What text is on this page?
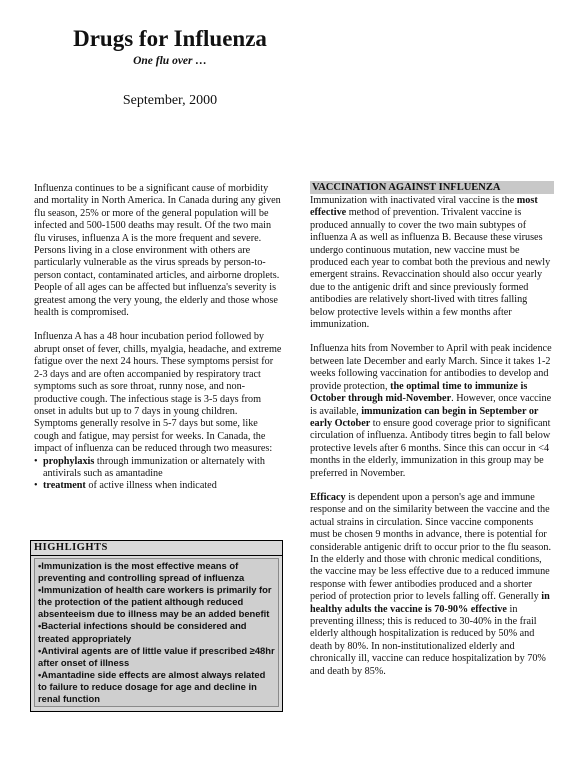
Drugs for Influenza
One flu over …
September, 2000

Influenza continues to be a significant cause of morbidity and mortality in North America. In Canada during any given flu season, 25% or more of the general population will be infected and 500-1500 deaths may result. Of the two main flu viruses, influenza A is the more frequent and severe. Persons living in a close environment with others are particularly vulnerable as the virus spreads by person-to-person contact, contaminated articles, and airborne droplets. People of all ages can be affected but influenza's severity is greatest among the very young, the elderly and those whose health is compromised.

Influenza A has a 48 hour incubation period followed by abrupt onset of fever, chills, myalgia, headache, and extreme fatigue over the next 24 hours. These symptoms persist for 2-3 days and are often accompanied by respiratory tract symptoms such as sore throat, runny nose, and non-productive cough. The infectious stage is 3-5 days from onset in adults but up to 7 days in young children. Symptoms generally resolve in 5-7 days but some, like cough and fatigue, may persist for weeks. In Canada, the impact of influenza can be reduced through two measures:

• prophylaxis through immunization or alternately with antivirals such as amantadine
• treatment of active illness when indicated
HIGHLIGHTS
•Immunization is the most effective means of preventing and controlling spread of influenza
•Immunization of health care workers is primarily for the protection of the patient although reduced absenteeism due to illness may be an added benefit
•Bacterial infections should be considered and treated appropriately
•Antiviral agents are of little value if prescribed ≥48hr after onset of illness
•Amantadine side effects are almost always related to failure to reduce dosage for age and decline in renal function
VACCINATION AGAINST INFLUENZA

Immunization with inactivated viral vaccine is the most effective method of prevention. Trivalent vaccine is produced annually to cover the two main subtypes of influenza A as well as influenza B. Because these viruses undergo continuous mutation, new vaccine must be produced each year to combat both the previous and newly emergent strains. Revaccination should also occur yearly due to the antigenic drift and since previously formed antibodies are relatively short-lived with titres falling below protective levels within a few months after immunization.

Influenza hits from November to April with peak incidence between late December and early March. Since it takes 1-2 weeks following vaccination for antibodies to develop and provide protection, the optimal time to immunize is October through mid-November. However, once vaccine is available, immunization can begin in September or early October to ensure good coverage prior to significant circulation of influenza. Antibody titres begin to fall below protective levels after 6 months. Since this can occur in <4 months in the elderly, immunization in this group may be preferred in November.

Efficacy is dependent upon a person's age and immune response and on the similarity between the vaccine and the actual strains in circulation. Since vaccine components must be chosen 9 months in advance, there is potential for considerable antigenic drift to occur prior to the flu season. In the elderly and those with chronic medical conditions, the vaccine may be less effective due to a reduced immune response with fewer antibodies produced and a shorter period of protection prior to levels falling off. Generally in healthy adults the vaccine is 70-90% effective in preventing illness; this is reduced to 30-40% in the frail elderly although hospitalization is reduced by 50% and death by 80%. In non-institutionalized elderly and chronically ill, vaccine can reduce hospitalization by 70% and death by 85%.
